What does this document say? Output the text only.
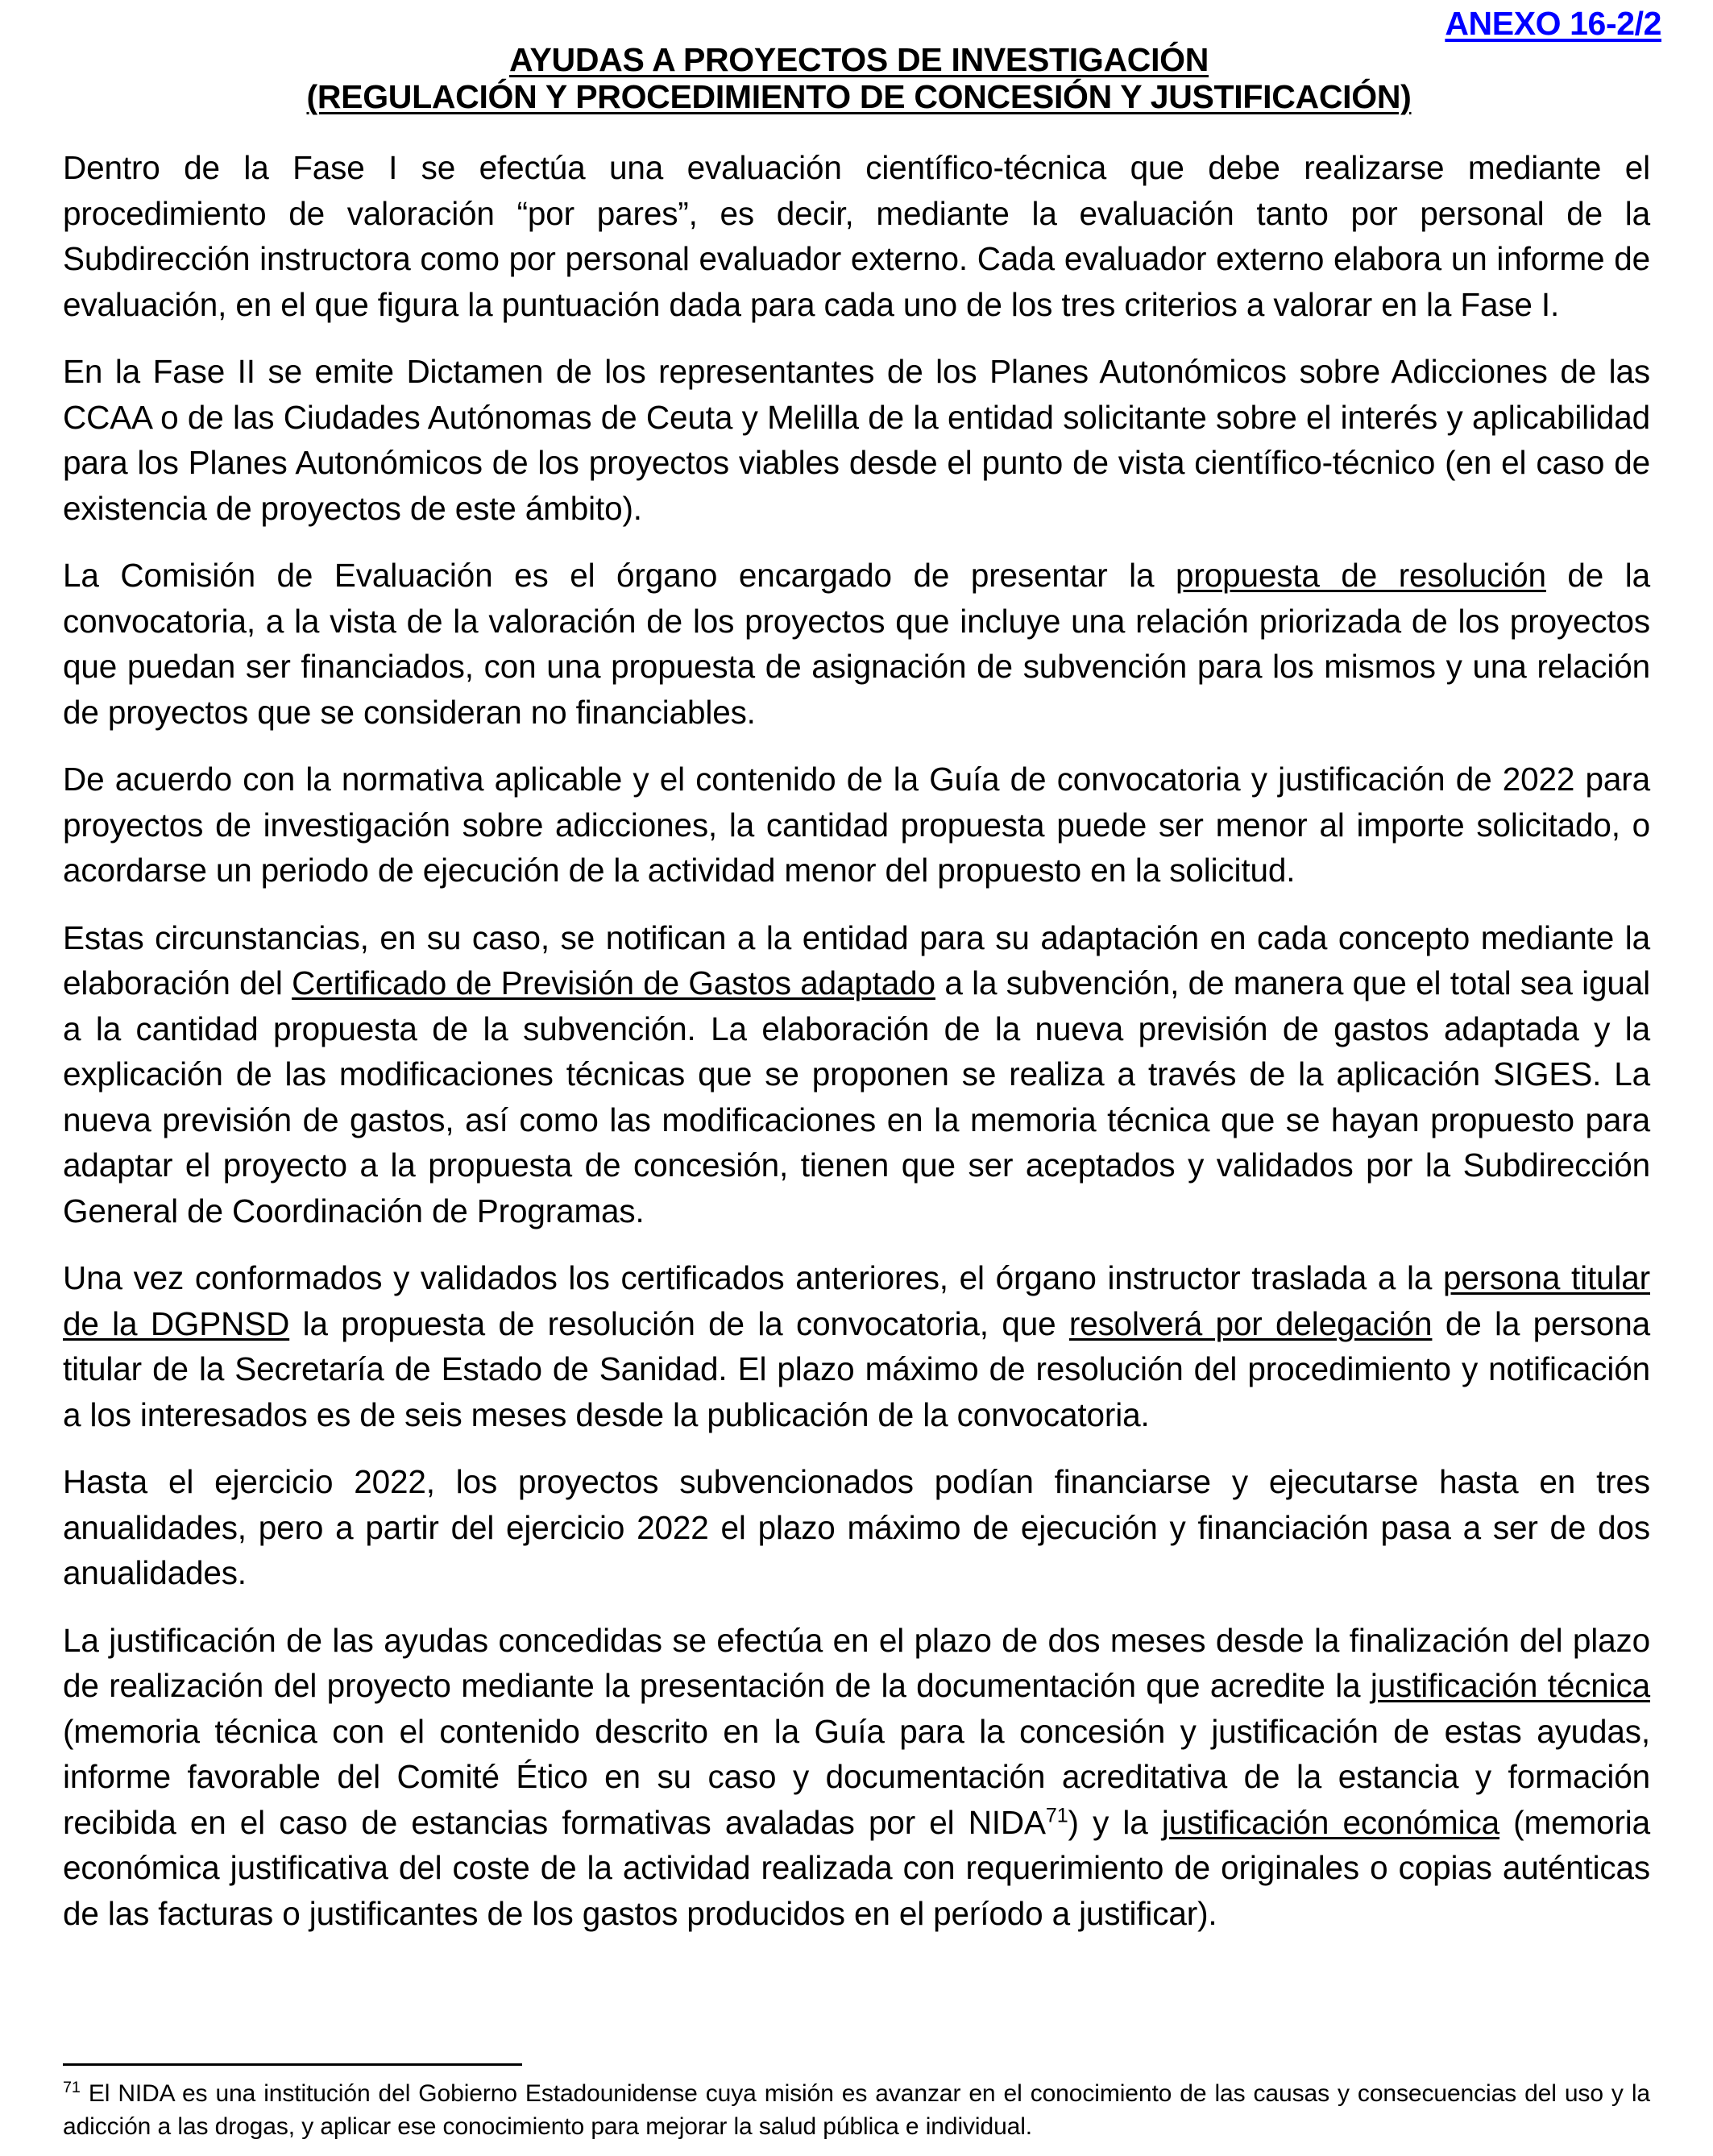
ANEXO 16-2/2
AYUDAS A PROYECTOS DE INVESTIGACIÓN
(REGULACIÓN Y PROCEDIMIENTO DE CONCESIÓN Y JUSTIFICACIÓN)

Dentro de la Fase I se efectúa una evaluación científico-técnica que debe realizarse mediante el procedimiento de valoración “por pares”, es decir, mediante la evaluación tanto por personal de la Subdirección instructora como por personal evaluador externo. Cada evaluador externo elabora un informe de evaluación, en el que figura la puntuación dada para cada uno de los tres criterios a valorar en la Fase I.

En la Fase II se emite Dictamen de los representantes de los Planes Autonómicos sobre Adicciones de las CCAA o de las Ciudades Autónomas de Ceuta y Melilla de la entidad solicitante sobre el interés y aplicabilidad para los Planes Autonómicos de los proyectos viables desde el punto de vista científico-técnico (en el caso de existencia de proyectos de este ámbito).

La Comisión de Evaluación es el órgano encargado de presentar la propuesta de resolución de la convocatoria, a la vista de la valoración de los proyectos que incluye una relación priorizada de los proyectos que puedan ser financiados, con una propuesta de asignación de subvención para los mismos y una relación de proyectos que se consideran no financiables.

De acuerdo con la normativa aplicable y el contenido de la Guía de convocatoria y justificación de 2022 para proyectos de investigación sobre adicciones, la cantidad propuesta puede ser menor al importe solicitado, o acordarse un periodo de ejecución de la actividad menor del propuesto en la solicitud.

Estas circunstancias, en su caso, se notifican a la entidad para su adaptación en cada concepto mediante la elaboración del Certificado de Previsión de Gastos adaptado a la subvención, de manera que el total sea igual a la cantidad propuesta de la subvención. La elaboración de la nueva previsión de gastos adaptada y la explicación de las modificaciones técnicas que se proponen se realiza a través de la aplicación SIGES. La nueva previsión de gastos, así como las modificaciones en la memoria técnica que se hayan propuesto para adaptar el proyecto a la propuesta de concesión, tienen que ser aceptados y validados por la Subdirección General de Coordinación de Programas.

Una vez conformados y validados los certificados anteriores, el órgano instructor traslada a la persona titular de la DGPNSD la propuesta de resolución de la convocatoria, que resolverá por delegación de la persona titular de la Secretaría de Estado de Sanidad. El plazo máximo de resolución del procedimiento y notificación a los interesados es de seis meses desde la publicación de la convocatoria.

Hasta el ejercicio 2022, los proyectos subvencionados podían financiarse y ejecutarse hasta en tres anualidades, pero a partir del ejercicio 2022 el plazo máximo de ejecución y financiación pasa a ser de dos anualidades.

La justificación de las ayudas concedidas se efectúa en el plazo de dos meses desde la finalización del plazo de realización del proyecto mediante la presentación de la documentación que acredite la justificación técnica (memoria técnica con el contenido descrito en la Guía para la concesión y justificación de estas ayudas, informe favorable del Comité Ético en su caso y documentación acreditativa de la estancia y formación recibida en el caso de estancias formativas avaladas por el NIDA$^{71}$) y la justificación económica (memoria económica justificativa del coste de la actividad realizada con requerimiento de originales o copias auténticas de las facturas o justificantes de los gastos producidos en el período a justificar).

$^{71}$ El NIDA es una institución del Gobierno Estadounidense cuya misión es avanzar en el conocimiento de las causas y consecuencias del uso y la adicción a las drogas, y aplicar ese conocimiento para mejorar la salud pública e individual.
